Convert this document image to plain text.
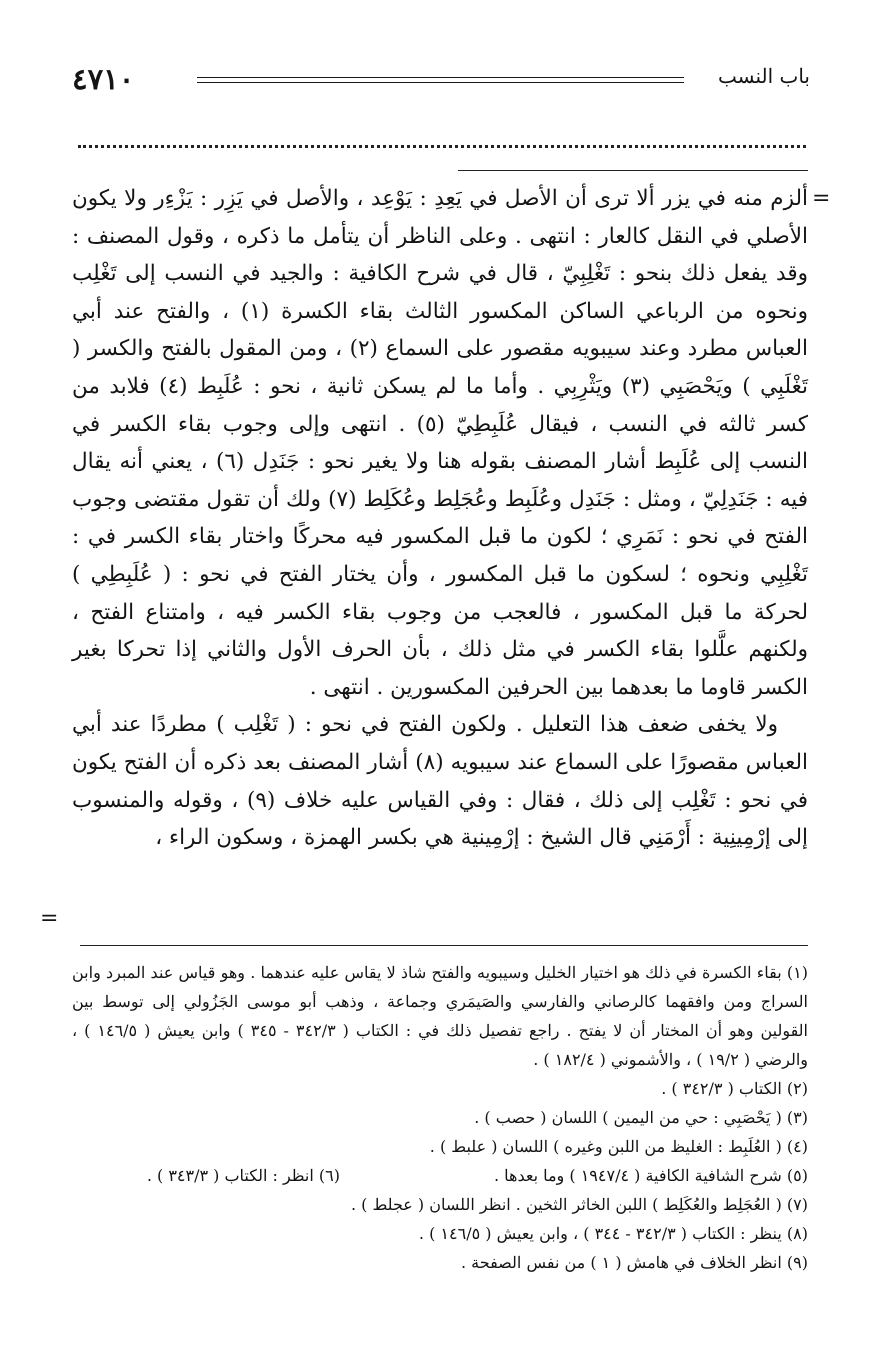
٤٧١٠	باب النسب
=

ألزم منه في يزر ألا ترى أن الأصل في يَعِدِ : يَوْعِد ، والأصل في يَزِر : يَزْءِر ولا يكون الأصلي في النقل كالعار : انتهى . وعلى الناظر أن يتأمل ما ذكره ، وقول المصنف : وقد يفعل ذلك بنحو : تَغْلِبِيّ ، قال في شرح الكافية : والجيد في النسب إلى تَغْلِب ونحوه من الرباعي الساكن المكسور الثالث بقاء الكسرة (١) ، والفتح عند أبي العباس مطرد وعند سيبويه مقصور على السماع (٢) ، ومن المقول بالفتح والكسر ( تَغْلَبِي ) ويَحْصَبِي (٣) ويَثْرِبِي . وأما ما لم يسكن ثانية ، نحو : عُلَبِط (٤) فلابد من كسر ثالثه في النسب ، فيقال عُلَبِطِيّ (٥) . انتهى وإلى وجوب بقاء الكسر في النسب إلى عُلَبِط أشار المصنف بقوله هنا ولا يغير نحو : جَنَدِل (٦) ، يعني أنه يقال فيه : جَنَدِلِيّ ، ومثل : جَنَدِل وعُلَبِط وعُجَلِط وعُكَلِط (٧) ولك أن تقول مقتضى وجوب الفتح في نحو : نَمَرِي ؛ لكون ما قبل المكسور فيه محركًا واختار بقاء الكسر في : تَغْلِبِي ونحوه ؛ لسكون ما قبل المكسور ، وأن يختار الفتح في نحو : ( عُلَبِطِي ) لحركة ما قبل المكسور ، فالعجب من وجوب بقاء الكسر فيه ، وامتناع الفتح ، ولكنهم علَّلوا بقاء الكسر في مثل ذلك ، بأن الحرف الأول والثاني إذا تحركا بغير الكسر قاوما ما بعدهما بين الحرفين المكسورين . انتهى .

ولا يخفى ضعف هذا التعليل . ولكون الفتح في نحو : ( تَغْلِب ) مطردًا عند أبي العباس مقصورًا على السماع عند سيبويه (٨) أشار المصنف بعد ذكره أن الفتح يكون في نحو : تَغْلِب إلى ذلك ، فقال : وفي القياس عليه خلاف (٩) ، وقوله والمنسوب إلى إرْمِينِية : أَرْمَنِي قال الشيخ : إرْمِينية هي بكسر الهمزة ، وسكون الراء ،

=

(١) بقاء الكسرة في ذلك هو اختيار الخليل وسيبويه والفتح شاذ لا يقاس عليه عندهما . وهو قياس عند المبرد وابن السراج ومن وافقهما كالرصاني والفارسي والصَيمَري وجماعة ، وذهب أبو موسى الجَزُولي إلى توسط بين القولين وهو أن المختار أن لا يفتح . راجع تفصيل ذلك في : الكتاب ( ٣٤٢/٣ - ٣٤٥ ) وابن يعيش ( ١٤٦/٥ ) ، والرضي ( ١٩/٢ ) ، والأشموني ( ١٨٢/٤ ) .

(٢) الكتاب ( ٣٤٢/٣ ) .

(٣) ( يَحْصَبِي : حي من اليمين ) اللسان ( حصب ) .

(٤) ( العُلَبِط : الغليظ من اللبن وغيره ) اللسان ( علبط ) .

(٥) شرح الشافية الكافية ( ١٩٤٧/٤ ) وما بعدها .
(٦) انظر : الكتاب ( ٣٤٣/٣ ) .

(٧) ( العُجَلِط والعُكَلِط ) اللبن الخاثر الثخين . انظر اللسان ( عجلط ) .

(٨) ينظر : الكتاب ( ٣٤٢/٣ - ٣٤٤ ) ، وابن يعيش ( ١٤٦/٥ ) .

(٩) انظر الخلاف في هامش ( ١ ) من نفس الصفحة .
